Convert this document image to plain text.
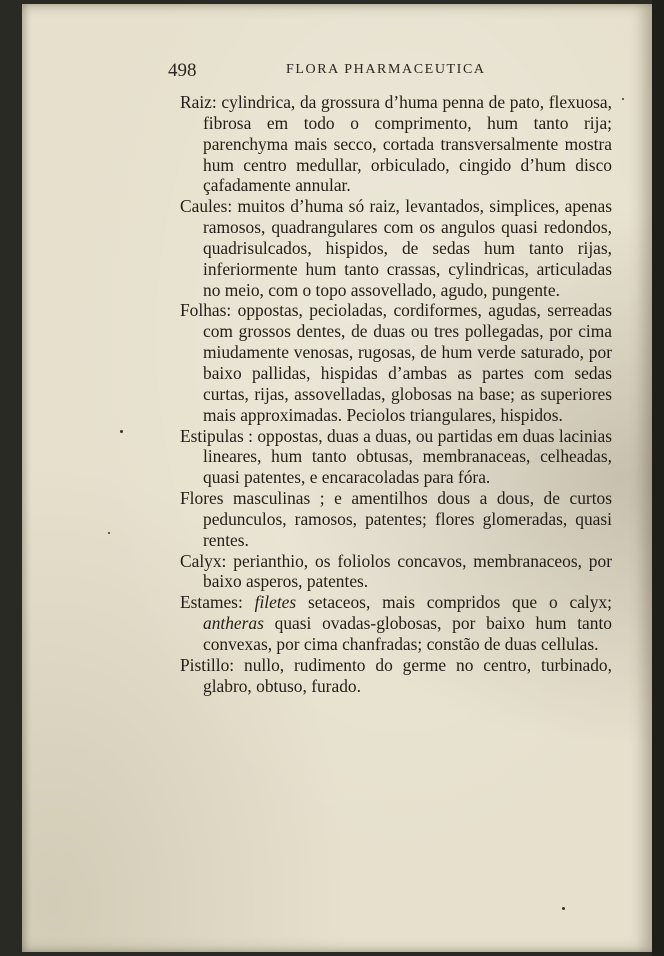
498	FLORA PHARMACEUTICA

Raiz: cylindrica, da grossura d’huma penna de pato, flexuosa, fibrosa em todo o comprimento, hum tanto rija; parenchyma mais secco, cortada transversalmente mostra hum centro medullar, orbiculado, cingido d’hum disco çafadamente annular.

Caules: muitos d’huma só raiz, levantados, simplices, apenas ramosos, quadrangulares com os angulos quasi redondos, quadrisulcados, hispidos, de sedas hum tanto rijas, inferiormente hum tanto crassas, cylindricas, articuladas no meio, com o topo assovellado, agudo, pungente.

Folhas: oppostas, pecioladas, cordiformes, agudas, serreadas com grossos dentes, de duas ou tres pollegadas, por cima miudamente venosas, rugosas, de hum verde saturado, por baixo pallidas, hispidas d’ambas as partes com sedas curtas, rijas, assovelladas, globosas na base; as superiores mais approximadas. Peciolos triangulares, hispidos.

Estipulas : oppostas, duas a duas, ou partidas em duas lacinias lineares, hum tanto obtusas, membranaceas, celheadas, quasi patentes, e encaracoladas para fóra.

Flores masculinas ; e amentilhos dous a dous, de curtos pedunculos, ramosos, patentes; flores glomeradas, quasi rentes.

Calyx: perianthio, os foliolos concavos, membranaceos, por baixo asperos, patentes.

Estames: filetes setaceos, mais compridos que o calyx; antheras quasi ovadas-globosas, por baixo hum tanto convexas, por cima chanfradas; constão de duas cellulas.

Pistillo: nullo, rudimento do germe no centro, turbinado, glabro, obtuso, furado.
